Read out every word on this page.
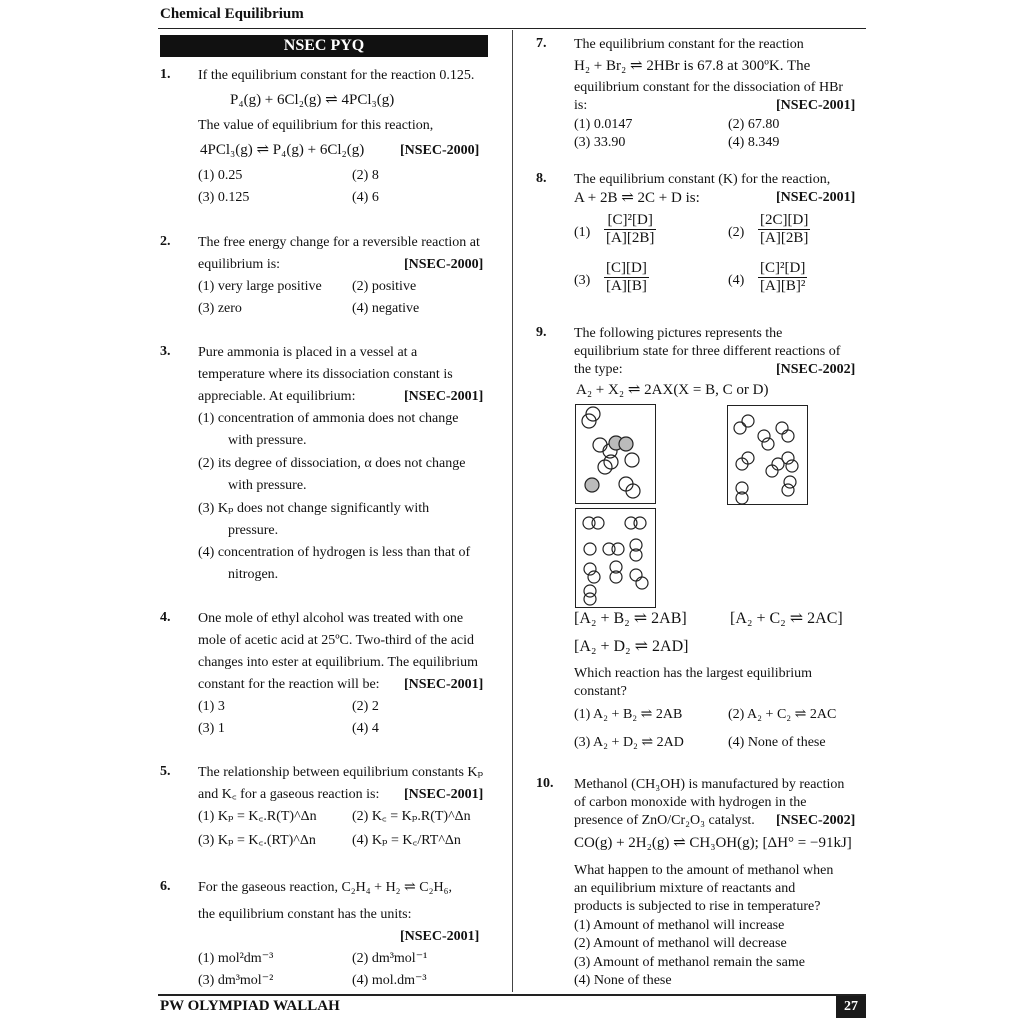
Chemical Equilibrium
NSEC PYQ
1. If the equilibrium constant for the reaction 0.125.
P₄(g) + 6Cl₂(g) ⇌ 4PCl₃(g)
The value of equilibrium for this reaction,
4PCl₃(g) ⇌ P₄(g) + 6Cl₂(g)	[NSEC-2000]
(1) 0.25	(2) 8
(3) 0.125	(4) 6
2. The free energy change for a reversible reaction at
equilibrium is:	[NSEC-2000]
(1) very large positive (2) positive
(3) zero	(4) negative
3. Pure ammonia is placed in a vessel at a
temperature where its dissociation constant is
appreciable. At equilibrium:	[NSEC-2001]
(1) concentration of ammonia does not change
with pressure.
(2) its degree of dissociation, α does not change
with pressure.
(3) Kₚ does not change significantly with
pressure.
(4) concentration of hydrogen is less than that of
nitrogen.
4. One mole of ethyl alcohol was treated with one
mole of acetic acid at 25ºC. Two-third of the acid
changes into ester at equilibrium. The equilibrium
constant for the reaction will be: [NSEC-2001]
(1) 3	(2) 2
(3) 1	(4) 4
5. The relationship between equilibrium constants Kₚ
and K꜀ for a gaseous reaction is: [NSEC-2001]
(1) Kₚ = K꜀.R(T)^Δn	(2) K꜀ = Kₚ.R(T)^Δn
(3) Kₚ = K꜀.(RT)^Δn	(4) Kₚ = K꜀/RT^Δn
6. For the gaseous reaction, C₂H₄ + H₂ ⇌ C₂H₆,
the equilibrium constant has the units:
[NSEC-2001]
(1) mol²dm⁻³	(2) dm³mol⁻¹
(3) dm³mol⁻²	(4) mol.dm⁻³
7. The equilibrium constant for the reaction
H₂ + Br₂ ⇌ 2HBr is 67.8 at 300ºK. The
equilibrium constant for the dissociation of HBr
is:	[NSEC-2001]
(1) 0.0147	(2) 67.80
(3) 33.90	(4) 8.349
8. The equilibrium constant (K) for the reaction,
A + 2B ⇌ 2C + D is:	[NSEC-2001]
$(1) \frac{\text{[C]²[D]}}{[A][2B]}$	$(2) \frac{[2C][D]}{[A][2B]}$
$(3) \frac{[C][D]}{[A][B]}$	$(4) \frac{\text{[C]²[D]}}{\text{[A][B]²}}$
9. The following pictures represents the
equilibrium state for three different reactions of
the type:	[NSEC-2002]
A₂ + X₂ ⇌ 2AX(X = B, C or D)
[A₂ + B₂ ⇌ 2AB]	[A₂ + C₂ ⇌ 2AC]
[A₂ + D₂ ⇌ 2AD]
Which reaction has the largest equilibrium
constant?
(1) A₂ + B₂ ⇌ 2AB	(2) A₂ + C₂ ⇌ 2AC
(3) A₂ + D₂ ⇌ 2AD	(4) None of these
10. Methanol (CH₃OH) is manufactured by reaction
of carbon monoxide with hydrogen in the
presence of ZnO/Cr₂O₃ catalyst. [NSEC-2002]
CO(g) + 2H₂(g) ⇌ CH₃OH(g); [ΔH° = −91kJ]
What happen to the amount of methanol when
an equilibrium mixture of reactants and
products is subjected to rise in temperature?
(1) Amount of methanol will increase
(2) Amount of methanol will decrease
(3) Amount of methanol remain the same
(4) None of these
PW OLYMPIAD WALLAH	27
